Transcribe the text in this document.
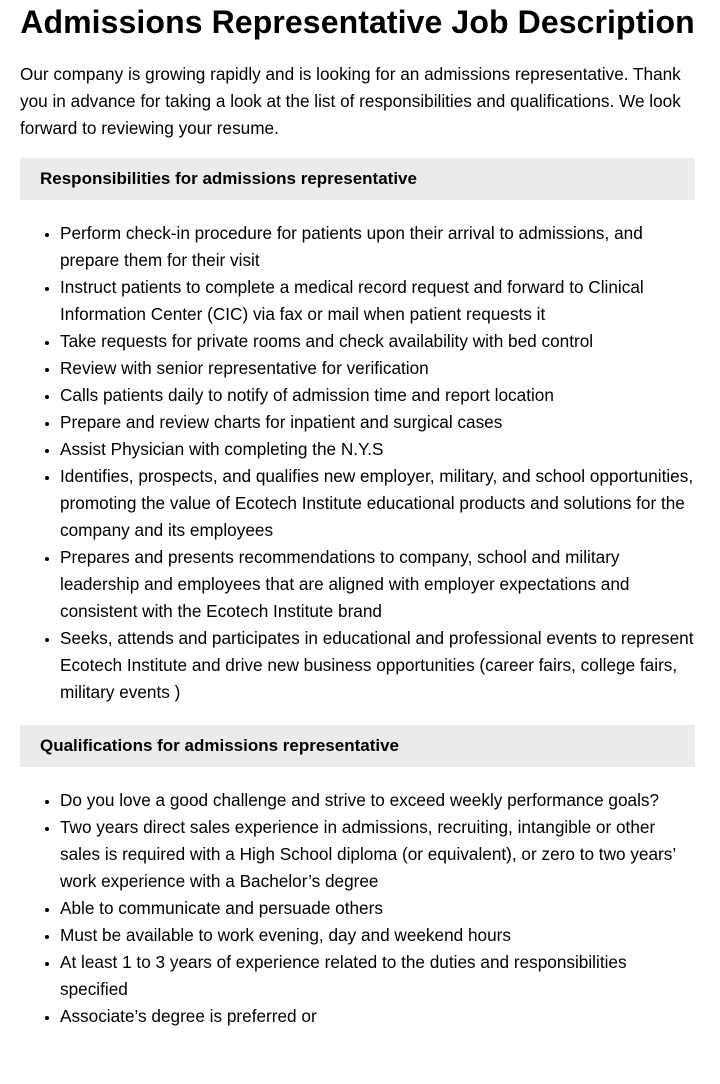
Admissions Representative Job Description

Our company is growing rapidly and is looking for an admissions representative. Thank you in advance for taking a look at the list of responsibilities and qualifications. We look forward to reviewing your resume.

Responsibilities for admissions representative
• Perform check-in procedure for patients upon their arrival to admissions, and prepare them for their visit
• Instruct patients to complete a medical record request and forward to Clinical Information Center (CIC) via fax or mail when patient requests it
• Take requests for private rooms and check availability with bed control
• Review with senior representative for verification
• Calls patients daily to notify of admission time and report location
• Prepare and review charts for inpatient and surgical cases
• Assist Physician with completing the N.Y.S
• Identifies, prospects, and qualifies new employer, military, and school opportunities, promoting the value of Ecotech Institute educational products and solutions for the company and its employees
• Prepares and presents recommendations to company, school and military leadership and employees that are aligned with employer expectations and consistent with the Ecotech Institute brand
• Seeks, attends and participates in educational and professional events to represent Ecotech Institute and drive new business opportunities (career fairs, college fairs, military events )
Qualifications for admissions representative
• Do you love a good challenge and strive to exceed weekly performance goals?
• Two years direct sales experience in admissions, recruiting, intangible or other sales is required with a High School diploma (or equivalent), or zero to two years’ work experience with a Bachelor’s degree
• Able to communicate and persuade others
• Must be available to work evening, day and weekend hours
• At least 1 to 3 years of experience related to the duties and responsibilities specified
• Associate’s degree is preferred or
